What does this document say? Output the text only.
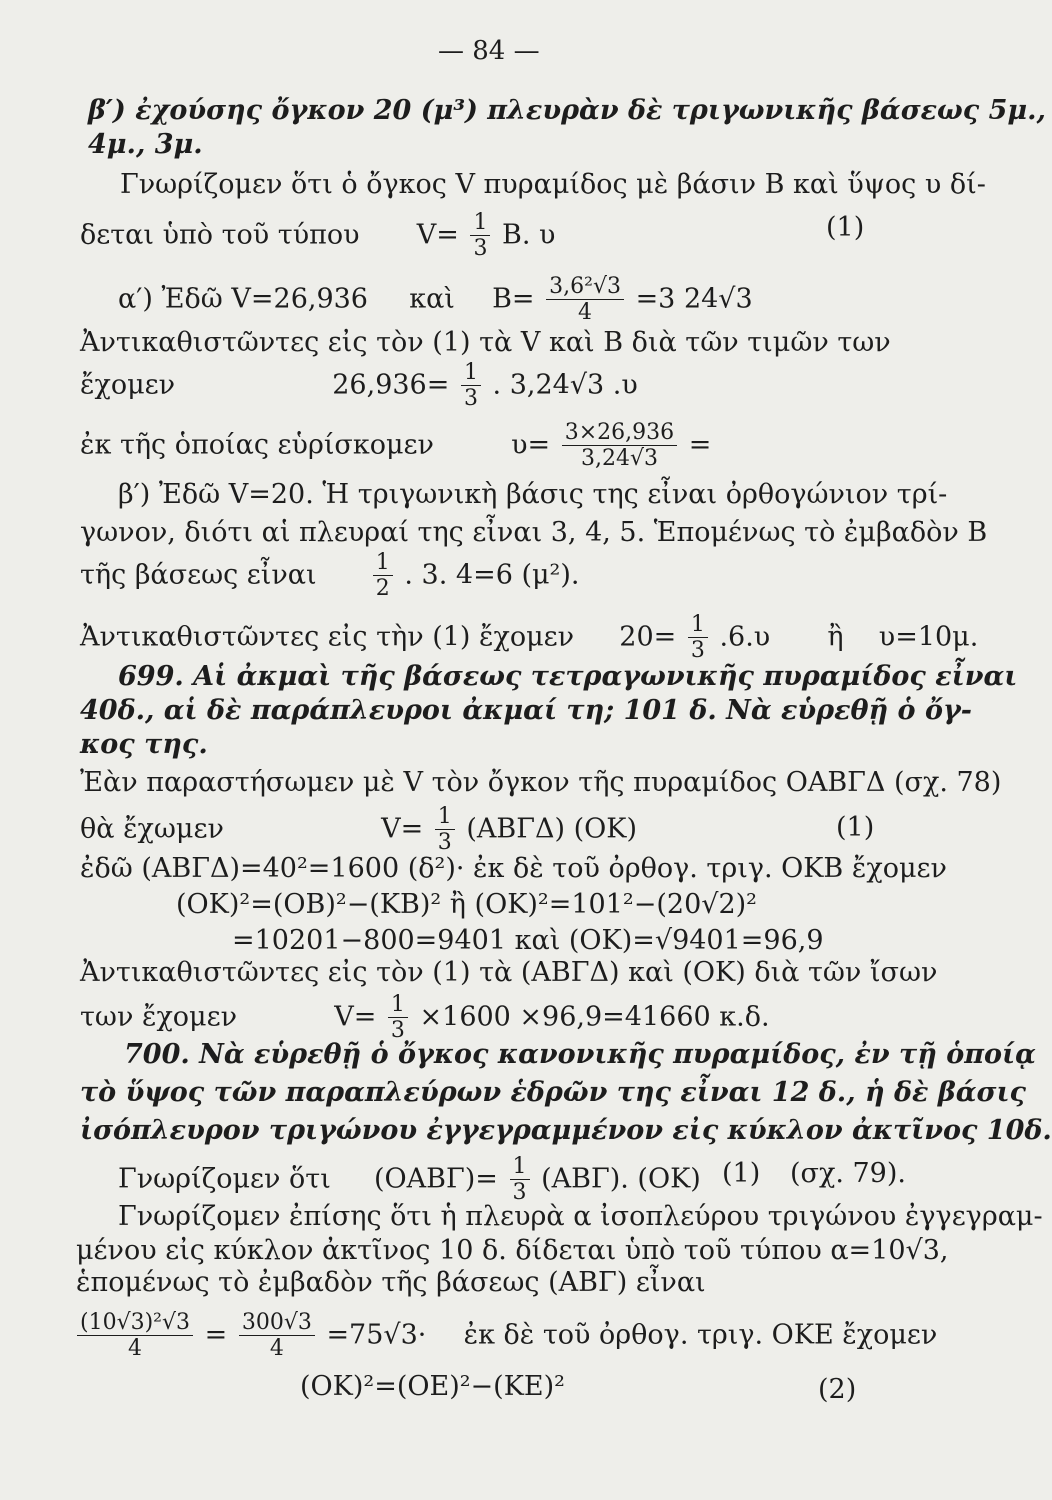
— 84 —
β′) ἐχούσης ὄγκον 20 (μ³) πλευρὰν δὲ τριγωνικῆς βάσεως 5μ.,
4μ., 3μ.
Γνωρίζομεν ὅτι ὁ ὄγκος V πυραμίδος μὲ βάσιν Β καὶ ὕψος υ δί-
δεται ὑπὸ τοῦ τύπου $V= \frac{1}{3} B$. υ	(1)
α′) Ἐδῶ V=26,936 καὶ $B= \frac{\text{3,6²√3}}{4} =3$ 24√3
Ἀντικαθιστῶντες εἰς τὸν (1) τὰ V καὶ Β διὰ τῶν τιμῶν των
ἔχομεν	$26,936= \frac{1}{3}$ . 3,24√3 .υ
ἐκ τῆς ὁποίας εὑρίσκομεν	$\upsilon= \frac{3\times 26,936}{3,24√3}$ =
β′) Ἐδῶ V=20. Ἡ τριγωνικὴ βάσις της εἶναι ὀρθογώνιον τρί-
γωνον, διότι αἱ πλευραί της εἶναι 3, 4, 5. Ἑπομένως τὸ ἐμβαδὸν Β
τῆς βάσεως εἶναι	$\frac{1}{2}$ . 3. 4=6 (μ²).
Ἀντικαθιστῶντες εἰς τὴν (1) ἔχομεν $20= \frac{1}{3} .6.\upsilon$ ἢ υ=10μ.
699. Αἱ ἀκμαὶ τῆς βάσεως τετραγωνικῆς πυραμίδος εἶναι
40δ., αἱ δὲ παράπλευροι ἀκμαί τη; 101 δ. Νὰ εὑρεθῇ ὁ ὄγ-
κος της.
Ἐὰν παραστήσωμεν μὲ V τὸν ὄγκον τῆς πυραμίδος ΟΑΒΓΔ (σχ. 78)
θὰ ἔχωμεν	$V= \frac{1}{3} (AB\Gamma\Delta)$ (ΟΚ)	(1)
ἐδῶ (ΑΒΓΔ)=40²=1600 (δ²)· ἐκ δὲ τοῦ ὀρθογ. τριγ. ΟΚΒ ἔχομεν
(ΟΚ)²=(ΟΒ)²−(ΚΒ)² ἢ (ΟΚ)²=101²−(20√2)²
=10201−800=9401 καὶ (ΟΚ)=√9401=96,9
Ἀντικαθιστῶντες εἰς τὸν (1) τὰ (ΑΒΓΔ) καὶ (ΟΚ) διὰ τῶν ἴσων
των ἔχομεν	$V= \frac{1}{3} \times 1600 \times 96,9=41660$ κ.δ.
700. Νὰ εὑρεθῇ ὁ ὄγκος κανονικῆς πυραμίδος, ἐν τῇ ὁποίᾳ
τὸ ὕψος τῶν παραπλεύρων ἑδρῶν της εἶναι 12 δ., ἡ δὲ βάσις
ἰσόπλευρον τριγώνου ἐγγεγραμμένον εἰς κύκλον ἀκτῖνος 10δ.
Γνωρίζομεν ὅτι $(OAB\Gamma)= \frac{1}{3} (AB\Gamma)$. (ΟΚ) (1) (σχ. 79).
Γνωρίζομεν ἐπίσης ὅτι ἡ πλευρὰ α ἰσοπλεύρου τριγώνου ἐγγεγραμ-
μένου εἰς κύκλον ἀκτῖνος 10 δ. δίδεται ὑπὸ τοῦ τύπου α=10√3,
ἑπομένως τὸ ἐμβαδὸν τῆς βάσεως (ΑΒΓ) εἶναι
$\frac{\text{(10√3)²√3}}{4} = \frac{300√3}{4} =75√3\cdot$ ἐκ δὲ τοῦ ὀρθογ. τριγ. ΟΚΕ ἔχομεν
(ΟΚ)²=(ΟΕ)²−(ΚΕ)²	(2)
